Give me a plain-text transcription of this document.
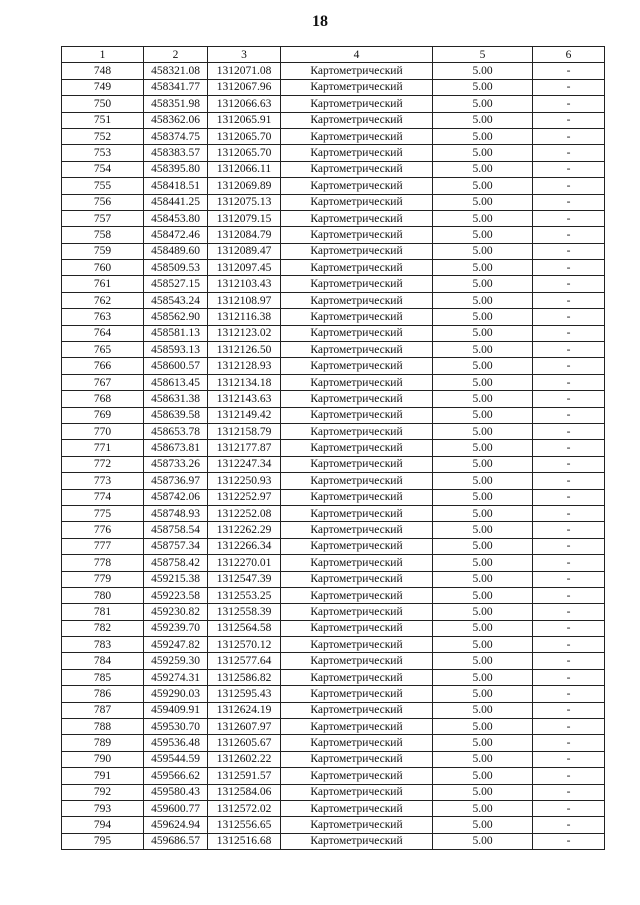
18
1	2	3	4	5	6
748	458321.08	1312071.08	Картометрический	5.00	-
749	458341.77	1312067.96	Картометрический	5.00	-
750	458351.98	1312066.63	Картометрический	5.00	-
751	458362.06	1312065.91	Картометрический	5.00	-
752	458374.75	1312065.70	Картометрический	5.00	-
753	458383.57	1312065.70	Картометрический	5.00	-
754	458395.80	1312066.11	Картометрический	5.00	-
755	458418.51	1312069.89	Картометрический	5.00	-
756	458441.25	1312075.13	Картометрический	5.00	-
757	458453.80	1312079.15	Картометрический	5.00	-
758	458472.46	1312084.79	Картометрический	5.00	-
759	458489.60	1312089.47	Картометрический	5.00	-
760	458509.53	1312097.45	Картометрический	5.00	-
761	458527.15	1312103.43	Картометрический	5.00	-
762	458543.24	1312108.97	Картометрический	5.00	-
763	458562.90	1312116.38	Картометрический	5.00	-
764	458581.13	1312123.02	Картометрический	5.00	-
765	458593.13	1312126.50	Картометрический	5.00	-
766	458600.57	1312128.93	Картометрический	5.00	-
767	458613.45	1312134.18	Картометрический	5.00	-
768	458631.38	1312143.63	Картометрический	5.00	-
769	458639.58	1312149.42	Картометрический	5.00	-
770	458653.78	1312158.79	Картометрический	5.00	-
771	458673.81	1312177.87	Картометрический	5.00	-
772	458733.26	1312247.34	Картометрический	5.00	-
773	458736.97	1312250.93	Картометрический	5.00	-
774	458742.06	1312252.97	Картометрический	5.00	-
775	458748.93	1312252.08	Картометрический	5.00	-
776	458758.54	1312262.29	Картометрический	5.00	-
777	458757.34	1312266.34	Картометрический	5.00	-
778	458758.42	1312270.01	Картометрический	5.00	-
779	459215.38	1312547.39	Картометрический	5.00	-
780	459223.58	1312553.25	Картометрический	5.00	-
781	459230.82	1312558.39	Картометрический	5.00	-
782	459239.70	1312564.58	Картометрический	5.00	-
783	459247.82	1312570.12	Картометрический	5.00	-
784	459259.30	1312577.64	Картометрический	5.00	-
785	459274.31	1312586.82	Картометрический	5.00	-
786	459290.03	1312595.43	Картометрический	5.00	-
787	459409.91	1312624.19	Картометрический	5.00	-
788	459530.70	1312607.97	Картометрический	5.00	-
789	459536.48	1312605.67	Картометрический	5.00	-
790	459544.59	1312602.22	Картометрический	5.00	-
791	459566.62	1312591.57	Картометрический	5.00	-
792	459580.43	1312584.06	Картометрический	5.00	-
793	459600.77	1312572.02	Картометрический	5.00	-
794	459624.94	1312556.65	Картометрический	5.00	-
795	459686.57	1312516.68	Картометрический	5.00	-
